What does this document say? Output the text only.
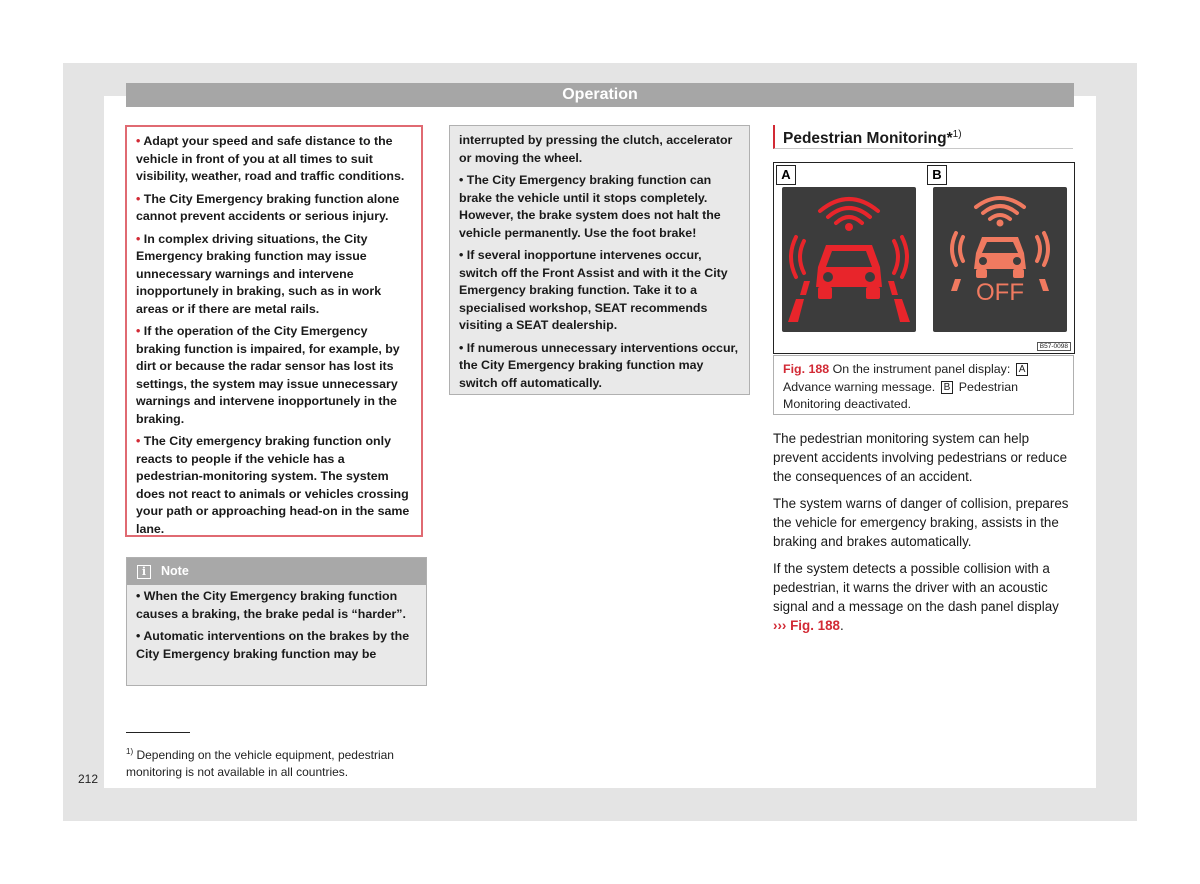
Operation

• Adapt your speed and safe distance to the vehicle in front of you at all times to suit visibility, weather, road and traffic conditions.

• The City Emergency braking function alone cannot prevent accidents or serious injury.

• In complex driving situations, the City Emergency braking function may issue unnecessary warnings and intervene inopportunely in braking, such as in work areas or if there are metal rails.

• If the operation of the City Emergency braking function is impaired, for example, by dirt or because the radar sensor has lost its settings, the system may issue unnecessary warnings and intervene inopportunely in the braking.

• The City emergency braking function only reacts to people if the vehicle has a pedestrian-monitoring system. The system does not react to animals or vehicles crossing your path or approaching head-on in the same lane.

i	Note

• When the City Emergency braking function causes a braking, the brake pedal is “harder”.

• Automatic interventions on the brakes by the City Emergency braking function may be

interrupted by pressing the clutch, accelerator or moving the wheel.

• The City Emergency braking function can brake the vehicle until it stops completely. However, the brake system does not halt the vehicle permanently. Use the foot brake!

• If several inopportune intervenes occur, switch off the Front Assist and with it the City Emergency braking function. Take it to a specialised workshop, SEAT recommends visiting a SEAT dealership.

• If numerous unnecessary interventions occur, the City Emergency braking function may switch off automatically.

Pedestrian Monitoring*$^{1)}$
A	B
OFF
B57-0098
Fig. 188 On the instrument panel display: A Advance warning message. B Pedestrian Monitoring deactivated.

The pedestrian monitoring system can help prevent accidents involving pedestrians or reduce the consequences of an accident.

The system warns of danger of collision, prepares the vehicle for emergency braking, assists in the braking and brakes automatically.

If the system detects a possible collision with a pedestrian, it warns the driver with an acoustic signal and a message on the dash panel display ››› Fig. 188.

$^{1)}$ Depending on the vehicle equipment, pedestrian monitoring is not available in all countries.
212
